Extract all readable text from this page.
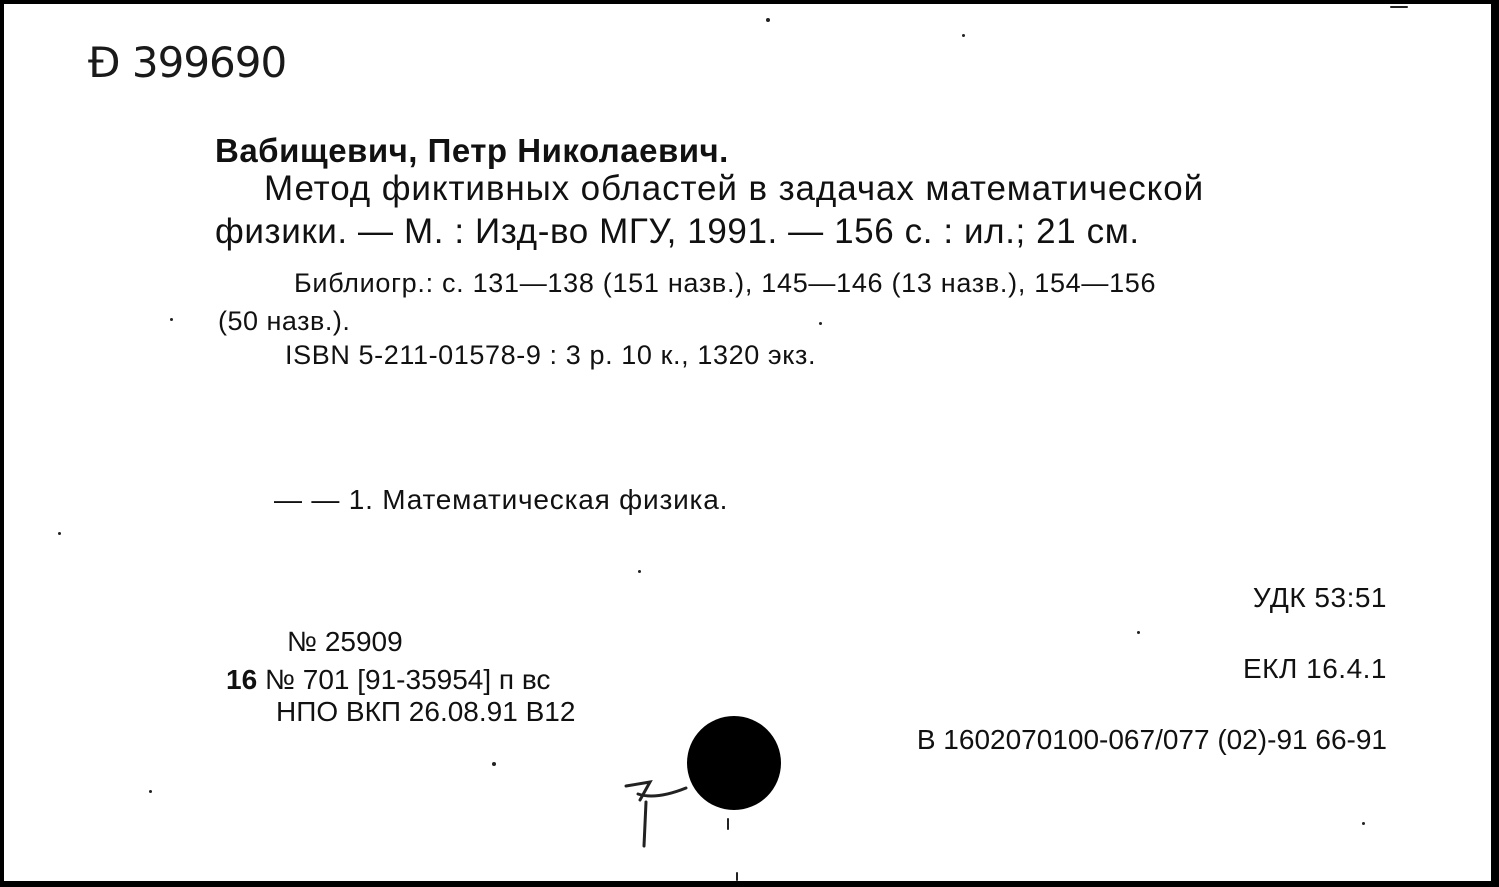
Ð 399690
Вабищевич, Петр Николаевич.
Метод фиктивных областей в задачах математической
физики. — М. : Изд-во МГУ, 1991. — 156 с. : ил.; 21 см.
Библиогр.: с. 131—138 (151 назв.), 145—146 (13 назв.), 154—156
(50 назв.).
ISBN 5-211-01578-9 : 3 р. 10 к., 1320 экз.
— — 1. Математическая физика.
УДК 53:51
ЕКЛ 16.4.1
В 1602070100-067/077 (02)-91 66-91
№ 25909
16 № 701 [91-35954] п вс
НПО ВКП 26.08.91 В12
